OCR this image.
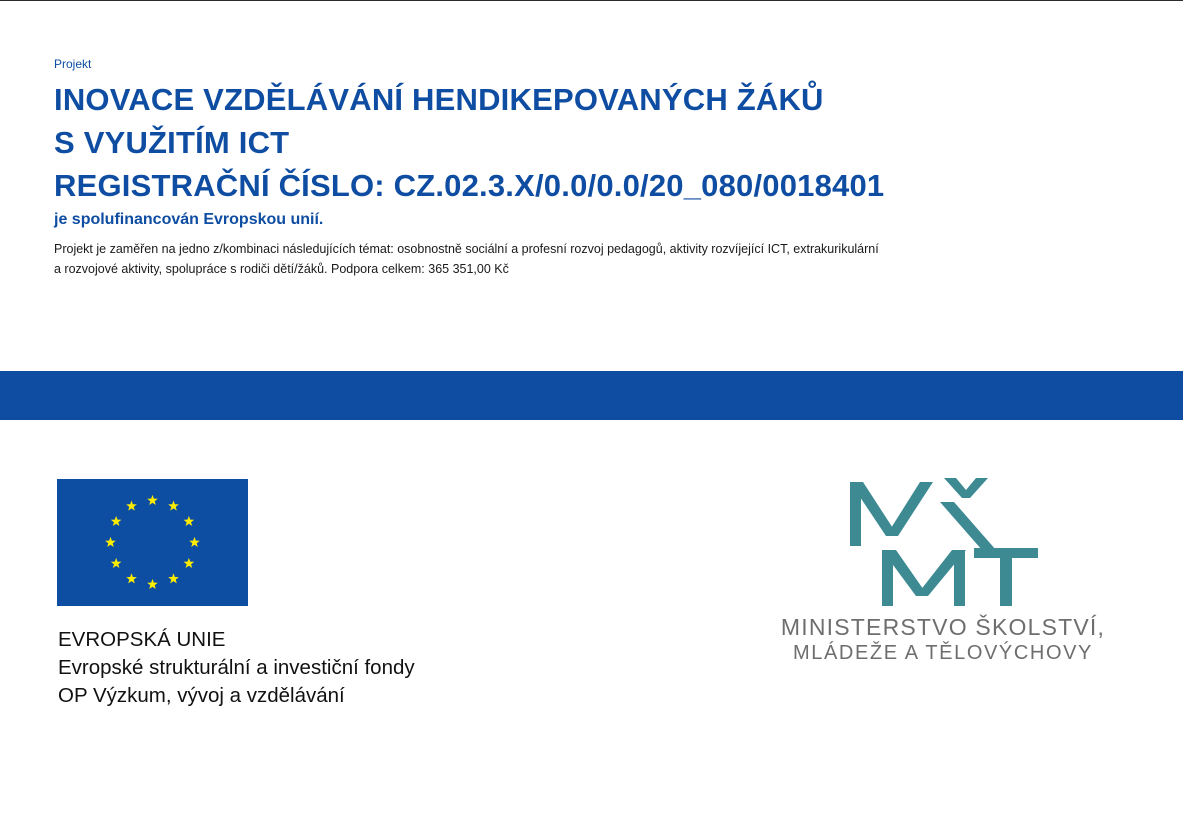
Projekt
INOVACE VZDĚLÁVÁNÍ HENDIKEPOVANÝCH ŽÁKŮ
S VYUŽITÍM ICT
REGISTRAČNÍ ČÍSLO: CZ.02.3.X/0.0/0.0/20_080/0018401
je spolufinancován Evropskou unií.
Projekt je zaměřen na jedno z/kombinaci následujících témat: osobnostně sociální a profesní rozvoj pedagogů, aktivity rozvíjející ICT, extrakurikulární a rozvojové aktivity, spolupráce s rodiči dětí/žáků. Podpora celkem: 365 351,00 Kč
EVROPSKÁ UNIE
Evropské strukturální a investiční fondy
OP Výzkum, vývoj a vzdělávání
MINISTERSTVO ŠKOLSTVÍ,
MLÁDEŽE A TĚLOVÝCHOVY
